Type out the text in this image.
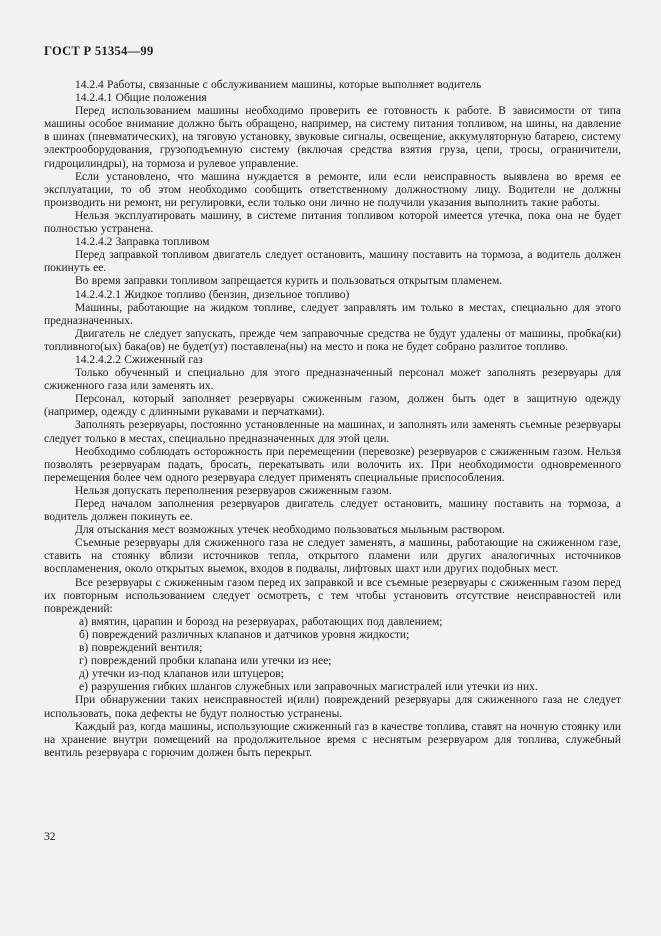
ГОСТ Р 51354—99

14.2.4 Работы, связанные с обслуживанием машины, которые выполняет водитель

14.2.4.1 Общие положения

Перед использованием машины необходимо проверить ее готовность к работе. В зависимости от типа машины особое внимание должно быть обращено, например, на систему питания топливом, на шины, на давление в шинах (пневматических), на тяговую установку, звуковые сигналы, освещение, аккумуляторную батарею, систему электрооборудования, грузоподъемную систему (включая средства взятия груза, цепи, тросы, ограничители, гидроцилиндры), на тормоза и рулевое управление.

Если установлено, что машина нуждается в ремонте, или если неисправность выявлена во время ее эксплуатации, то об этом необходимо сообщить ответственному должностному лицу. Водители не должны производить ни ремонт, ни регулировки, если только они лично не получили указания выполнить такие работы.

Нельзя эксплуатировать машину, в системе питания топливом которой имеется утечка, пока она не будет полностью устранена.

14.2.4.2 Заправка топливом

Перед заправкой топливом двигатель следует остановить, машину поставить на тормоза, а водитель должен покинуть ее.

Во время заправки топливом запрещается курить и пользоваться открытым пламенем.

14.2.4.2.1 Жидкое топливо (бензин, дизельное топливо)

Машины, работающие на жидком топливе, следует заправлять им только в местах, специально для этого предназначенных.

Двигатель не следует запускать, прежде чем заправочные средства не будут удалены от машины, пробка(ки) топливного(ых) бака(ов) не будет(ут) поставлена(ны) на место и пока не будет собрано разлитое топливо.

14.2.4.2.2 Сжиженный газ

Только обученный и специально для этого предназначенный персонал может заполнять резервуары для сжиженного газа или заменять их.

Персонал, который заполняет резервуары сжиженным газом, должен быть одет в защитную одежду (например, одежду с длинными рукавами и перчатками).

Заполнять резервуары, постоянно установленные на машинах, и заполнять или заменять съемные резервуары следует только в местах, специально предназначенных для этой цели.

Необходимо соблюдать осторожность при перемещении (перевозке) резервуаров с сжиженным газом. Нельзя позволять резервуарам падать, бросать, перекатывать или волочить их. При необходимости одновременного перемещения более чем одного резервуара следует применять специальные приспособления.

Нельзя допускать переполнения резервуаров сжиженным газом.

Перед началом заполнения резервуаров двигатель следует остановить, машину поставить на тормоза, а водитель должен покинуть ее.

Для отыскания мест возможных утечек необходимо пользоваться мыльным раствором.

Съемные резервуары для сжиженного газа не следует заменять, а машины, работающие на сжиженном газе, ставить на стоянку вблизи источников тепла, открытого пламени или других аналогичных источников воспламенения, около открытых выемок, входов в подвалы, лифтовых шахт или других подобных мест.

Все резервуары с сжиженным газом перед их заправкой и все съемные резервуары с сжиженным газом перед их повторным использованием следует осмотреть, с тем чтобы установить отсутствие неисправностей или повреждений:

а) вмятин, царапин и борозд на резервуарах, работающих под давлением;

б) повреждений различных клапанов и датчиков уровня жидкости;

в) повреждений вентиля;

г) повреждений пробки клапана или утечки из нее;

д) утечки из-под клапанов или штуцеров;

е) разрушения гибких шлангов служебных или заправочных магистралей или утечки из них.

При обнаружении таких неисправностей и(или) повреждений резервуары для сжиженного газа не следует использовать, пока дефекты не будут полностью устранены.

Каждый раз, когда машины, использующие сжиженный газ в качестве топлива, ставят на ночную стоянку или на хранение внутри помещений на продолжительное время с неснятым резервуаром для топлива, служебный вентиль резервуара с горючим должен быть перекрыт.

32
